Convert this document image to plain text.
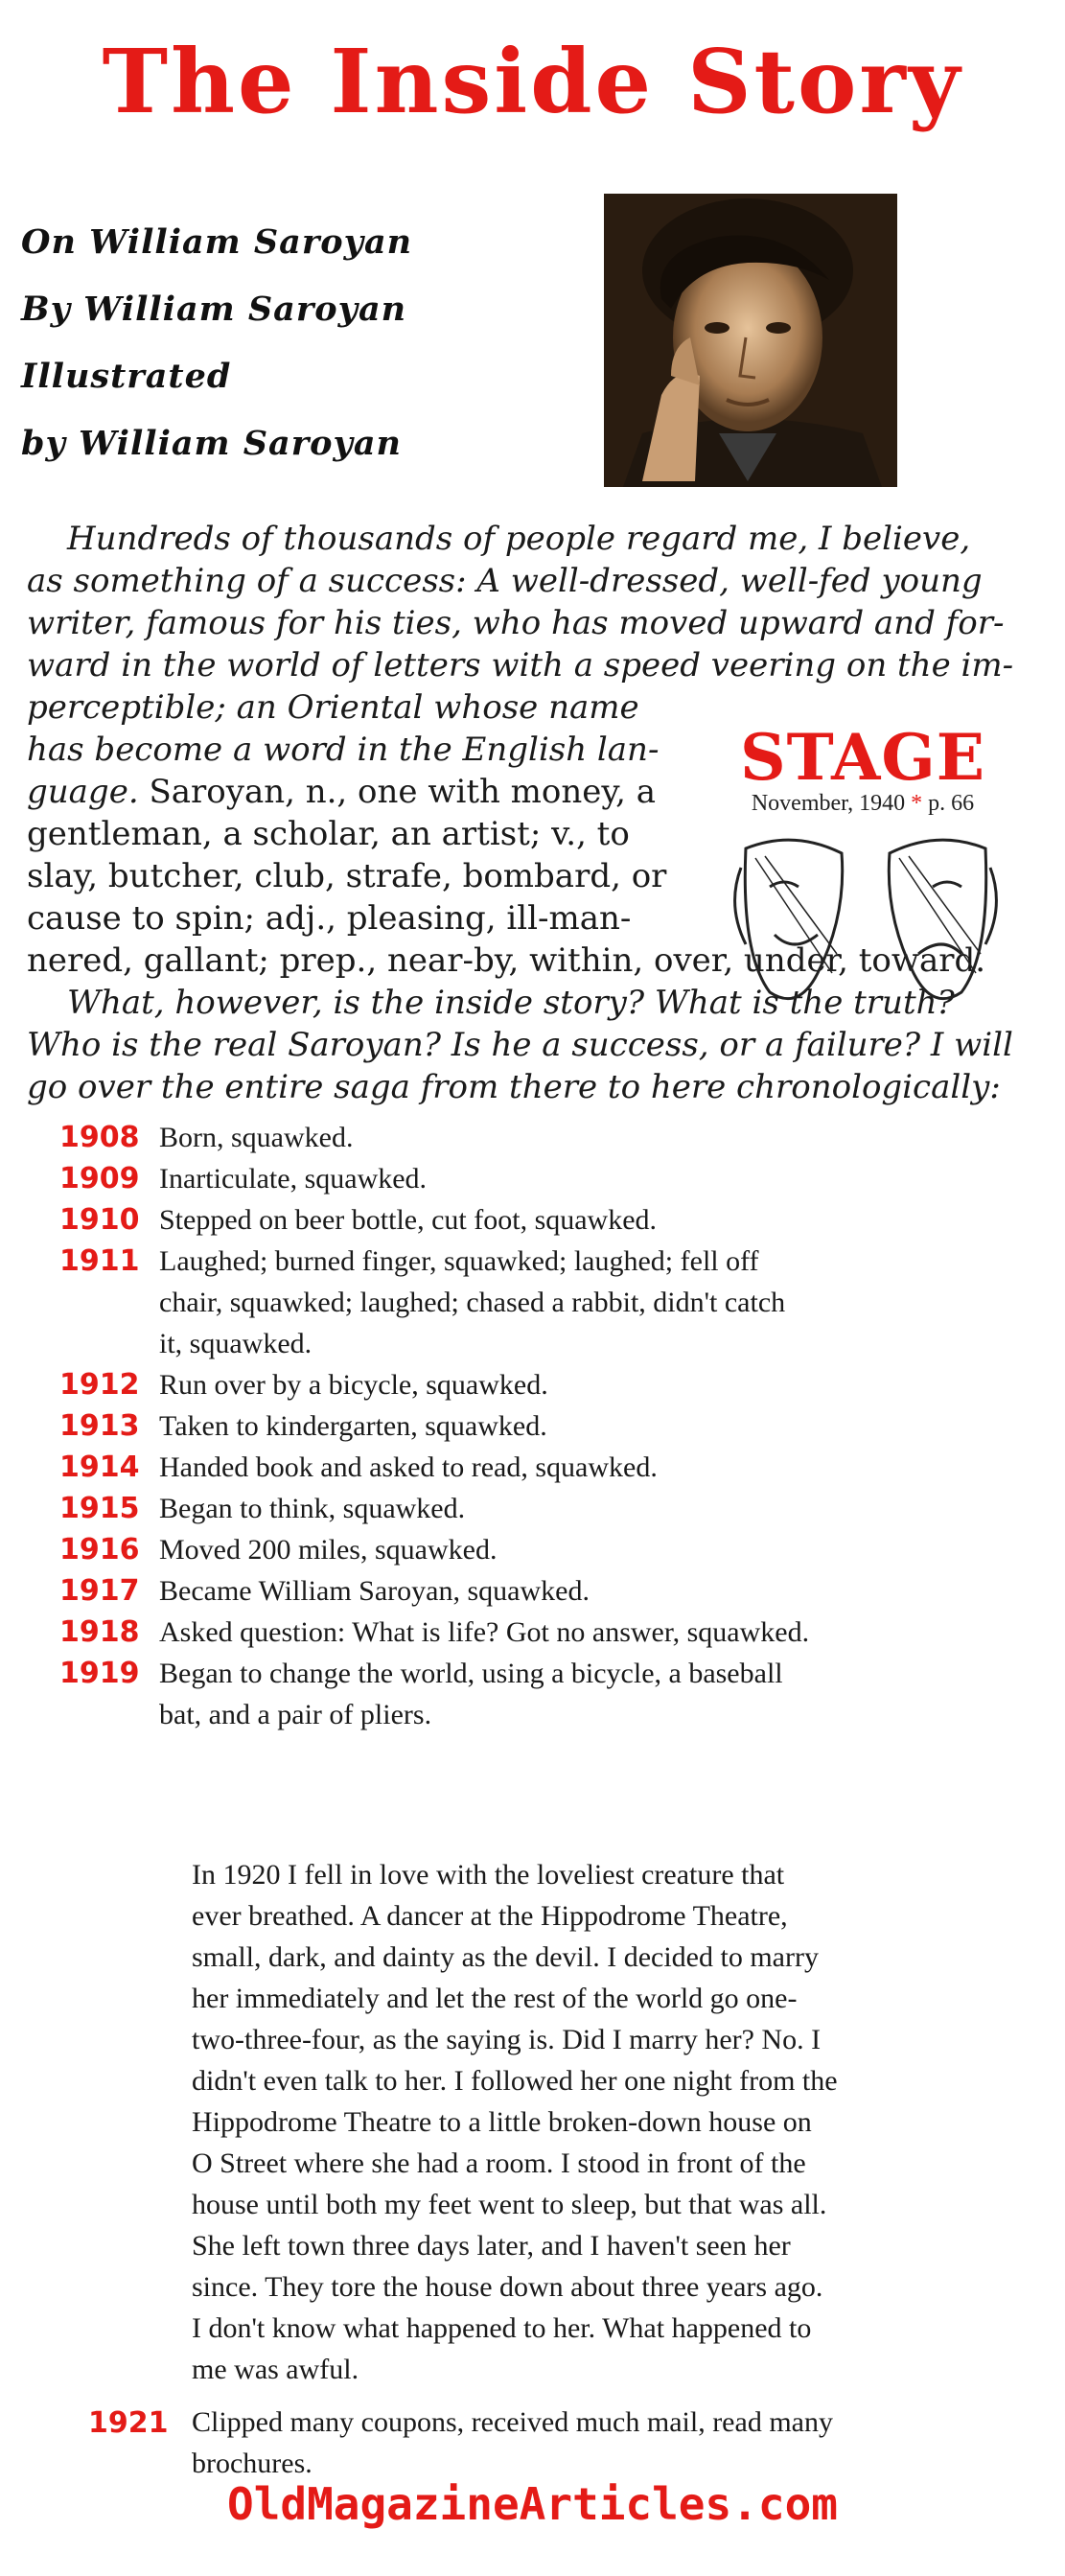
The Inside Story
On William Saroyan
By William Saroyan
Illustrated
by William Saroyan
Hundreds of thousands of people regard me, I believe,
as something of a success: A well-dressed, well-fed young
writer, famous for his ties, who has moved upward and for-
ward in the world of letters with a speed veering on the im-
perceptible; an Oriental whose name
has become a word in the English lan-
guage. Saroyan, n., one with money, a
gentleman, a scholar, an artist; v., to
slay, butcher, club, strafe, bombard, or
cause to spin; adj., pleasing, ill-man-
nered, gallant; prep., near-by, within, over, under, toward.
What, however, is the inside story? What is the truth?
Who is the real Saroyan? Is he a success, or a failure? I will
go over the entire saga from there to here chronologically:
STAGE
November, 1940 * p. 66
1908 Born, squawked.
1909 Inarticulate, squawked.
1910 Stepped on beer bottle, cut foot, squawked.
1911 Laughed; burned finger, squawked; laughed; fell off
chair, squawked; laughed; chased a rabbit, didn't catch
it, squawked.
1912 Run over by a bicycle, squawked.
1913 Taken to kindergarten, squawked.
1914 Handed book and asked to read, squawked.
1915 Began to think, squawked.
1916 Moved 200 miles, squawked.
1917 Became William Saroyan, squawked.
1918 Asked question: What is life? Got no answer, squawked.
1919 Began to change the world, using a bicycle, a baseball
bat, and a pair of pliers.
In 1920 I fell in love with the loveliest creature that
ever breathed. A dancer at the Hippodrome Theatre,
small, dark, and dainty as the devil. I decided to marry
her immediately and let the rest of the world go one-
two-three-four, as the saying is. Did I marry her? No. I
didn't even talk to her. I followed her one night from the
Hippodrome Theatre to a little broken-down house on
O Street where she had a room. I stood in front of the
house until both my feet went to sleep, but that was all.
She left town three days later, and I haven't seen her
since. They tore the house down about three years ago.
I don't know what happened to her. What happened to
me was awful.
1921 Clipped many coupons, received much mail, read many
brochures.
OldMagazineArticles.com
